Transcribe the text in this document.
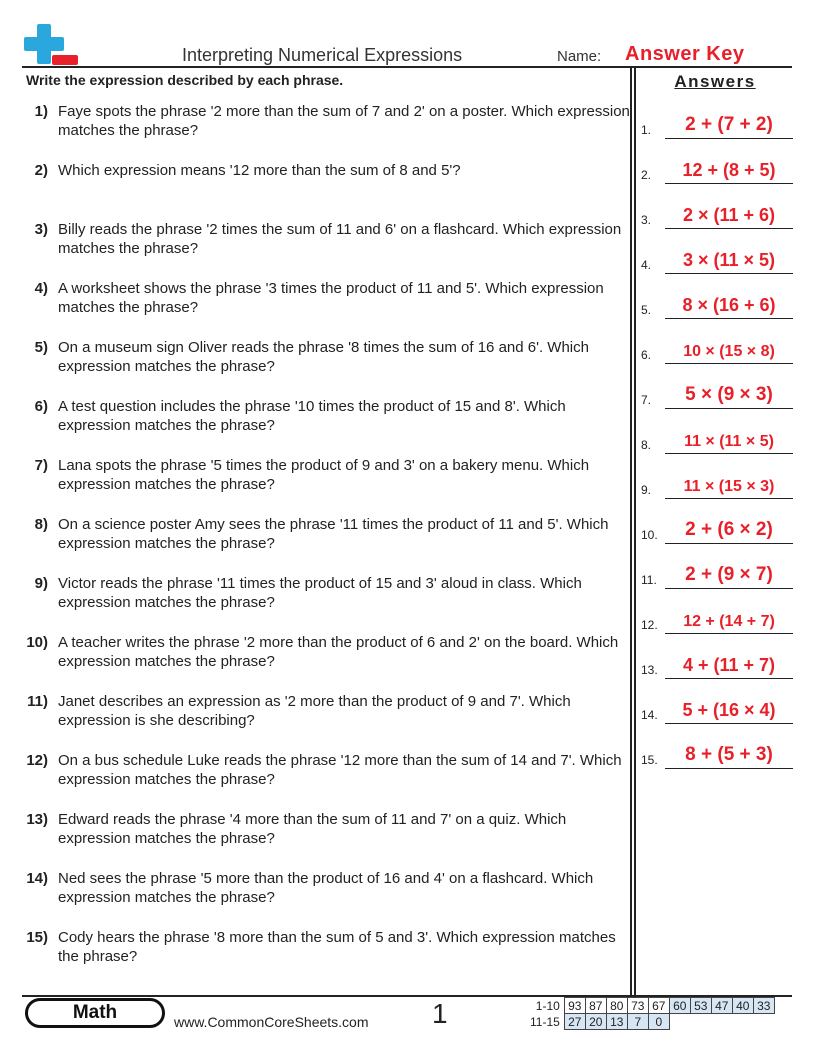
Interpreting Numerical Expressions	Name: Answer Key
Write the expression described by each phrase.	Answers
1) Faye spots the phrase '2 more than the sum of 7 and 2' on a poster. Which expression matches the phrase?
2) Which expression means '12 more than the sum of 8 and 5'?
3) Billy reads the phrase '2 times the sum of 11 and 6' on a flashcard. Which expression matches the phrase?
4) A worksheet shows the phrase '3 times the product of 11 and 5'. Which expression matches the phrase?
5) On a museum sign Oliver reads the phrase '8 times the sum of 16 and 6'. Which expression matches the phrase?
6) A test question includes the phrase '10 times the product of 15 and 8'. Which expression matches the phrase?
7) Lana spots the phrase '5 times the product of 9 and 3' on a bakery menu. Which expression matches the phrase?
8) On a science poster Amy sees the phrase '11 times the product of 11 and 5'. Which expression matches the phrase?
9) Victor reads the phrase '11 times the product of 15 and 3' aloud in class. Which expression matches the phrase?
10) A teacher writes the phrase '2 more than the product of 6 and 2' on the board. Which expression matches the phrase?
11) Janet describes an expression as '2 more than the product of 9 and 7'. Which expression is she describing?
12) On a bus schedule Luke reads the phrase '12 more than the sum of 14 and 7'. Which expression matches the phrase?
13) Edward reads the phrase '4 more than the sum of 11 and 7' on a quiz. Which expression matches the phrase?
14) Ned sees the phrase '5 more than the product of 16 and 4' on a flashcard. Which expression matches the phrase?
15) Cody hears the phrase '8 more than the sum of 5 and 3'. Which expression matches the phrase?
1.	2 + (7 + 2)
2.	12 + (8 + 5)
3.	2 × (11 + 6)
4.	3 × (11 × 5)
5.	8 × (16 + 6)
6.	10 × (15 × 8)
7.	5 × (9 × 3)
8.	11 × (11 × 5)
9.	11 × (15 × 3)
10.	2 + (6 × 2)
11.	2 + (9 × 7)
12.	12 + (14 + 7)
13.	4 + (11 + 7)
14.	5 + (16 × 4)
15.	8 + (5 + 3)
Math	www.CommonCoreSheets.com 1	1-10	93	87	80	73	67	60	53	47	40	33
11-15	27	20	13	7	0					
